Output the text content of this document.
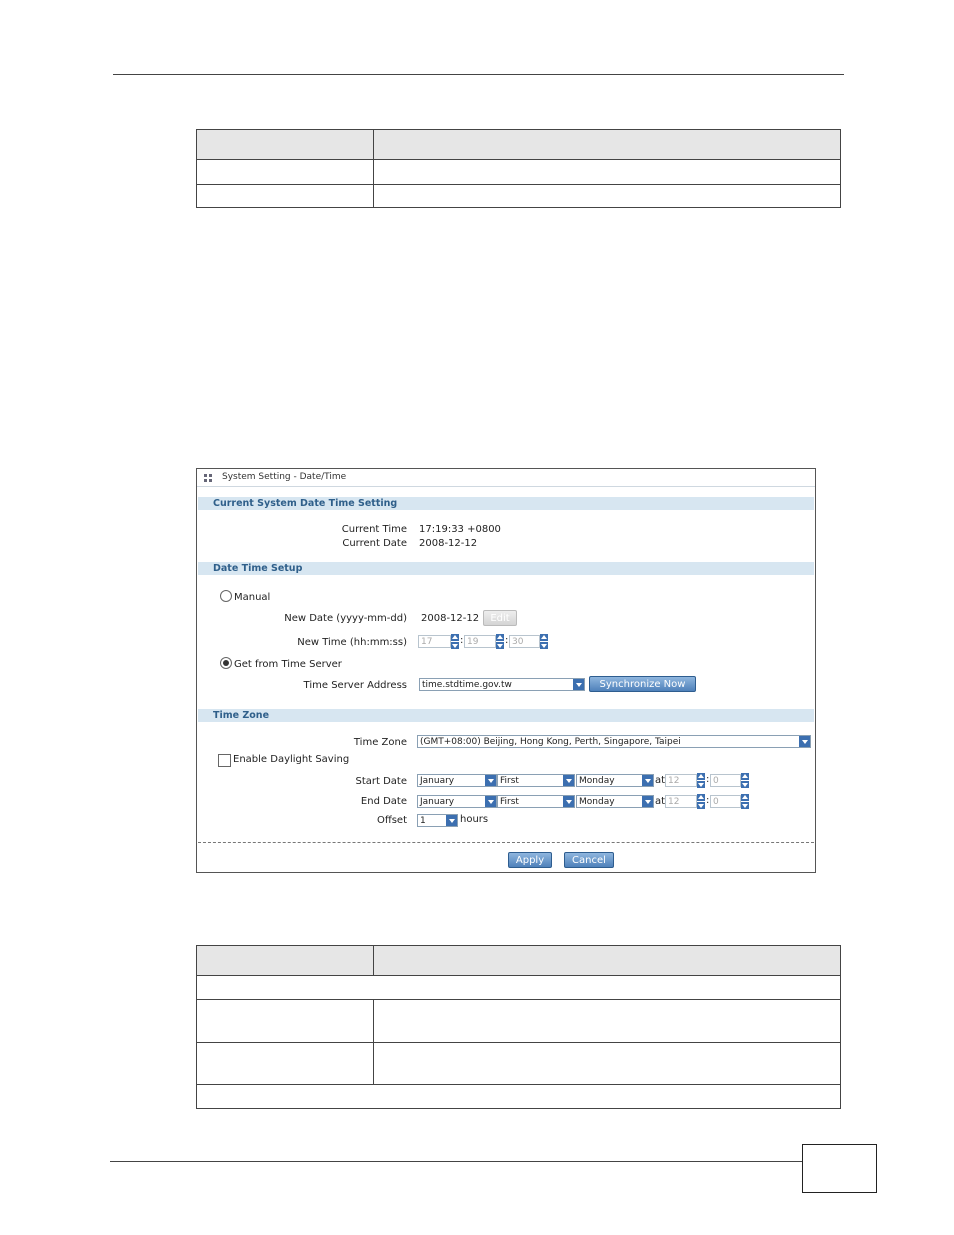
System Setting - Date/Time
Current System Date Time Setting
Current Time 17:19:33 +0800
Current Date 2008-12-12
Date Time Setup
Manual
New Date (yyyy-mm-dd) 2008-12-12	Edit
New Time (hh:mm:ss)	17	: 19	: 30
Get from Time Server
Time Server Address	time.stdtime.gov.tw	Synchronize Now
Time Zone
Time Zone	(GMT+08:00) Beijing, Hong Kong, Perth, Singapore, Taipei
Enable Daylight Saving
Start Date	January	First	Monday	at 12	: 0
End Date	January	First	Monday	at 12	: 0
Offset	1	hours
Apply	Cancel
